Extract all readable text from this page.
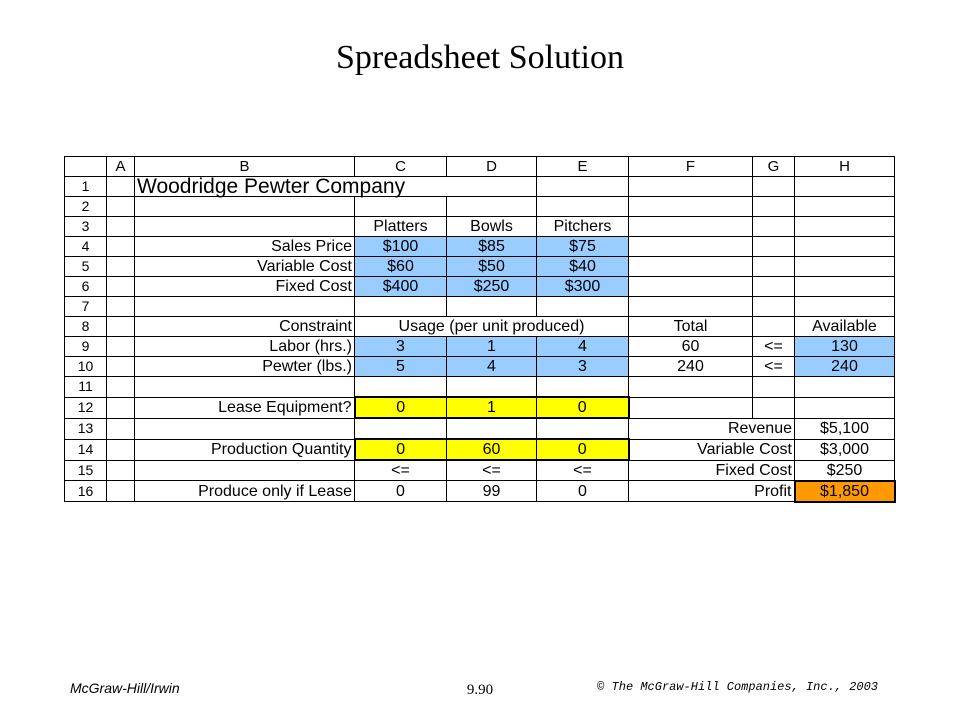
Spreadsheet Solution
	A	B	C	D	E	F	G	H
1		Woodridge Pewter Company						
2								
3			Platters	Bowls	Pitchers			
4		Sales Price	$100	$85	$75			
5		Variable Cost	$60	$50	$40			
6		Fixed Cost	$400	$250	$300			
7								
8		Constraint	Usage (per unit produced)			Total		Available
9		Labor (hrs.)	3	1	4	60	<=	130
10		Pewter (lbs.)	5	4	3	240	<=	240
11								
12		Lease Equipment?	0	1	0			
13						Revenue		$5,100
14		Production Quantity	0	60	0	Variable Cost		$3,000
15			<=	<=	<=	Fixed Cost		$250
16		Produce only if Lease	0	99	0	Profit		$1,850
McGraw-Hill/Irwin	9.90	© The McGraw-Hill Companies, Inc., 2003
